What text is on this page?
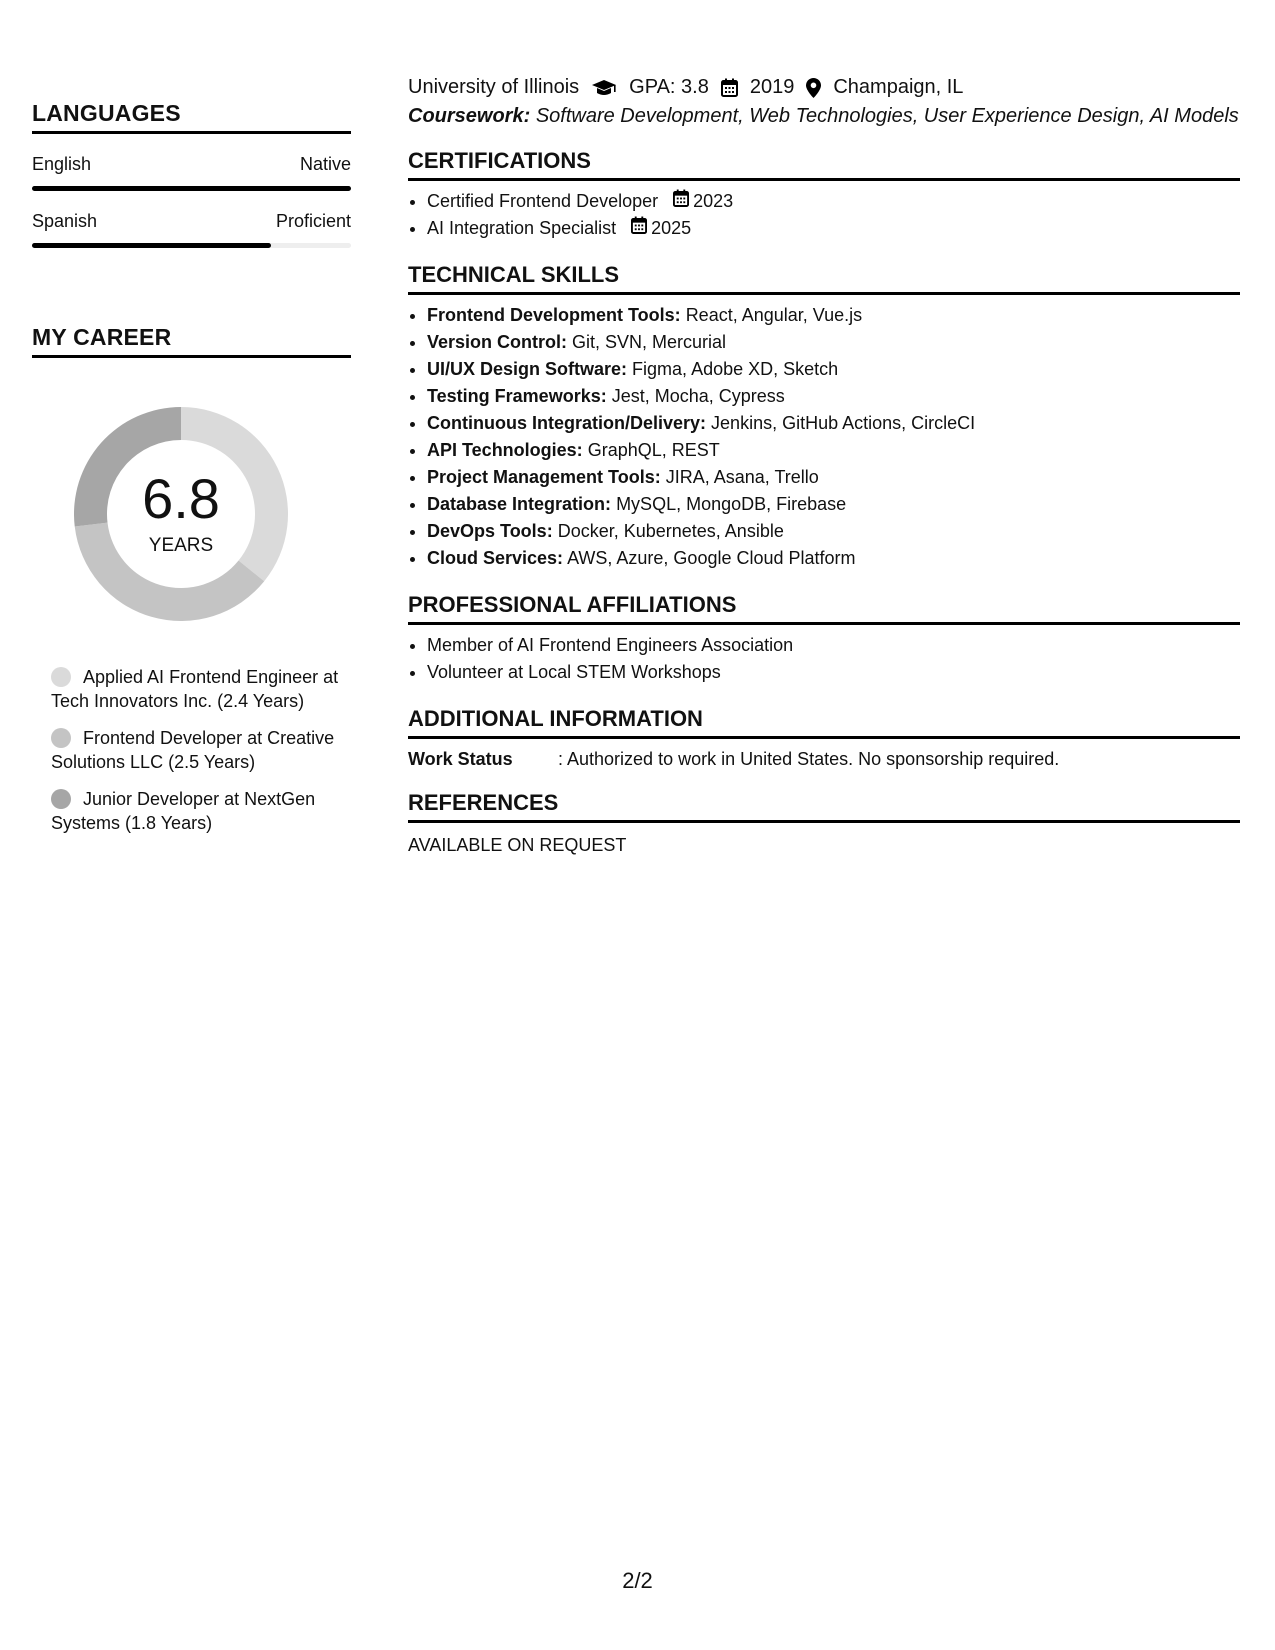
LANGUAGES
English	Native
Spanish	Proficient
MY CAREER
6.8
YEARS
Applied AI Frontend Engineer at Tech Innovators Inc. (2.4 Years)
Frontend Developer at Creative Solutions LLC (2.5 Years)
Junior Developer at NextGen Systems (1.8 Years)
University of Illinois	GPA: 3.8 2019 Champaign, IL
Coursework: Software Development, Web Technologies, User Experience Design, AI Models
CERTIFICATIONS
• Certified Frontend Developer 2023
• AI Integration Specialist 2025
TECHNICAL SKILLS
• Frontend Development Tools: React, Angular, Vue.js
• Version Control: Git, SVN, Mercurial
• UI/UX Design Software: Figma, Adobe XD, Sketch
• Testing Frameworks: Jest, Mocha, Cypress
• Continuous Integration/Delivery: Jenkins, GitHub Actions, CircleCI
• API Technologies: GraphQL, REST
• Project Management Tools: JIRA, Asana, Trello
• Database Integration: MySQL, MongoDB, Firebase
• DevOps Tools: Docker, Kubernetes, Ansible
• Cloud Services: AWS, Azure, Google Cloud Platform
PROFESSIONAL AFFILIATIONS
• Member of AI Frontend Engineers Association
• Volunteer at Local STEM Workshops
ADDITIONAL INFORMATION
Work Status	: Authorized to work in United States. No sponsorship required.
REFERENCES
AVAILABLE ON REQUEST
2/2
